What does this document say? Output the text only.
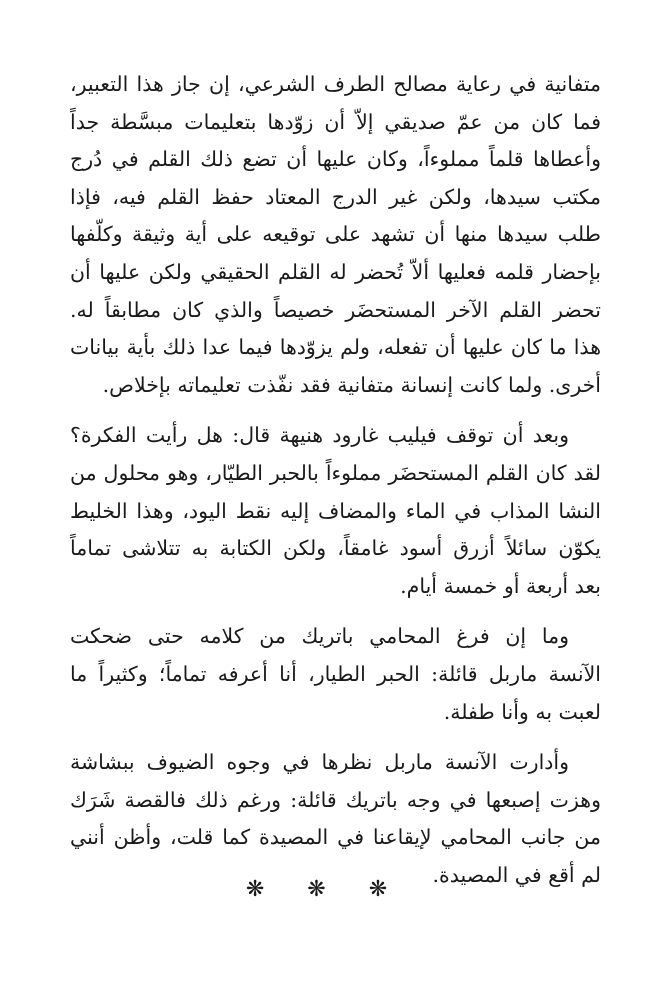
متفانية في رعاية مصالح الطرف الشرعي، إن جاز هذا التعبير،
فما كان من عمّ صديقي إلاّ أن زوّدها بتعليمات مبسَّطة جداً
وأعطاها قلماً مملوءاً، وكان عليها أن تضع ذلك القلم في دُرج
مكتب سيدها، ولكن غير الدرج المعتاد حفظ القلم فيه، فإذا
طلب سيدها منها أن تشهد على توقيعه على أية وثيقة وكلّفها
بإحضار قلمه فعليها ألاّ تُحضر له القلم الحقيقي ولكن عليها أن
تحضر القلم الآخر المستحضَر خصيصاً والذي كان مطابقاً له.
هذا ما كان عليها أن تفعله، ولم يزوّدها فيما عدا ذلك بأية بيانات
أخرى. ولما كانت إنسانة متفانية فقد نفّذت تعليماته بإخلاص.

وبعد أن توقف فيليب غارود هنيهة قال: هل رأيت الفكرة؟
لقد كان القلم المستحضَر مملوءاً بالحبر الطيّار، وهو محلول من
النشا المذاب في الماء والمضاف إليه نقط اليود، وهذا الخليط
يكوّن سائلاً أزرق أسود غامقاً، ولكن الكتابة به تتلاشى تماماً
بعد أربعة أو خمسة أيام.

وما إن فرغ المحامي باتريك من كلامه حتى ضحكت
الآنسة ماربل قائلة: الحبر الطيار، أنا أعرفه تماماً؛ وكثيراً ما
لعبت به وأنا طفلة.

وأدارت الآنسة ماربل نظرها في وجوه الضيوف ببشاشة
وهزت إصبعها في وجه باتريك قائلة: ورغم ذلك فالقصة شَرَك
من جانب المحامي لإيقاعنا في المصيدة كما قلت، وأظن أنني
لم أقع في المصيدة.

❋ ❋ ❋
